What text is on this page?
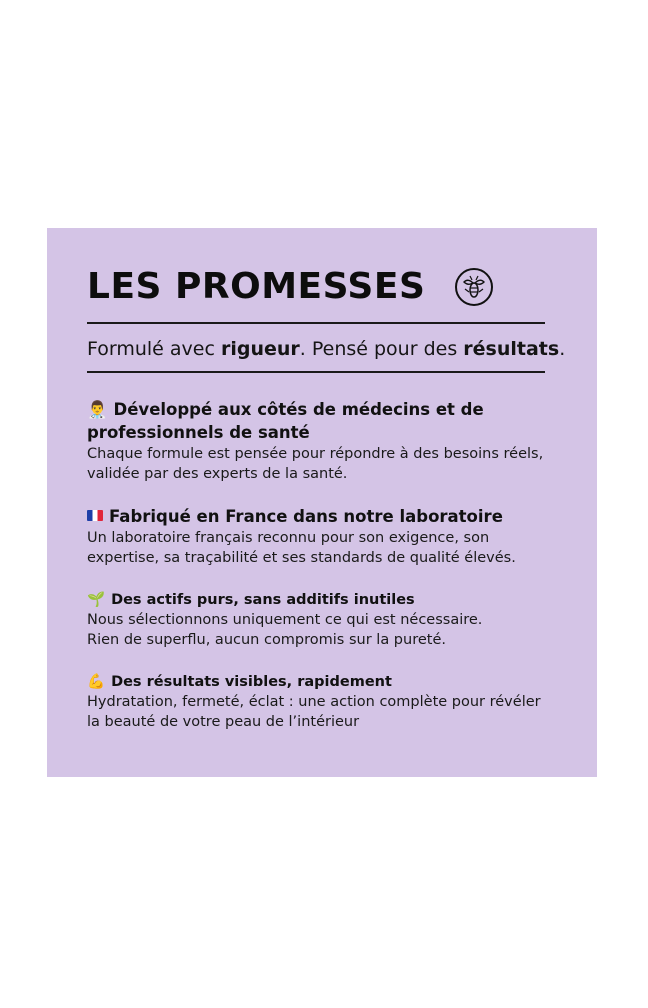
LES PROMESSES

Formulé avec rigueur. Pensé pour des résultats.

👨‍⚕️ Développé aux côtés de médecins et de professionnels de santé

Chaque formule est pensée pour répondre à des besoins réels, validée par des experts de la santé.

Fabriqué en France dans notre laboratoire

Un laboratoire français reconnu pour son exigence, son expertise, sa traçabilité et ses standards de qualité élevés.

🌱 Des actifs purs, sans additifs inutiles

Nous sélectionnons uniquement ce qui est nécessaire.
Rien de superflu, aucun compromis sur la pureté.

💪 Des résultats visibles, rapidement

Hydratation, fermeté, éclat : une action complète pour révéler la beauté de votre peau de l’intérieur
